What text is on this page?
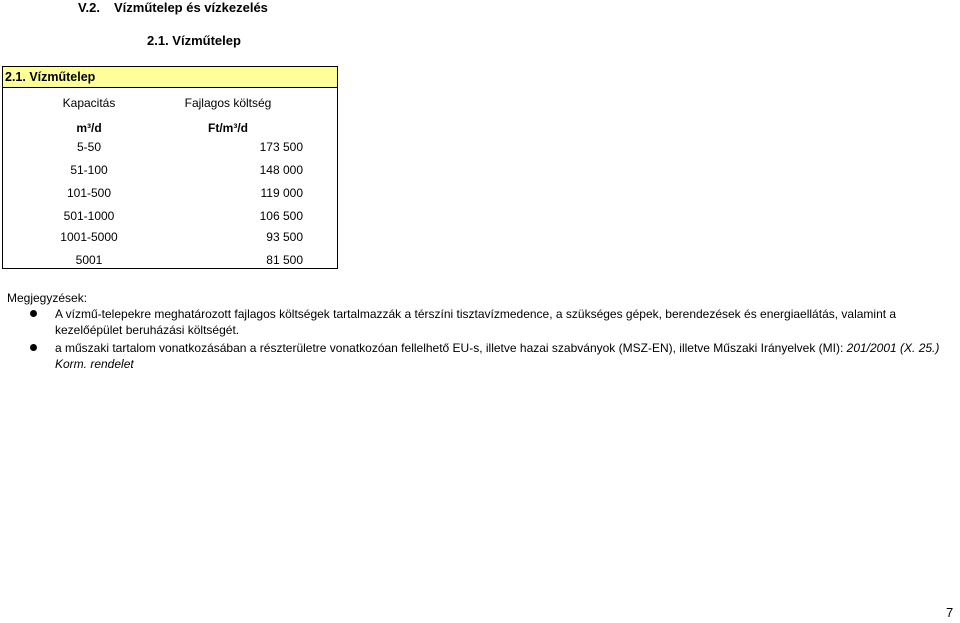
V.2. Vízműtelep és vízkezelés
2.1. Vízműtelep
2.1. Vízműtelep
Kapacitás	Fajlagos költség
m³/d	Ft/m³/d
5-50	173 500
51-100	148 000
101-500	119 000
501-1000	106 500
1001-5000	93 500
5001	81 500
Megjegyzések:
A vízmű-telepekre meghatározott fajlagos költségek tartalmazzák a térszíni tisztavízmedence, a szükséges gépek, berendezések és energiaellátás, valamint a kezelőépület beruházási költségét.
a műszaki tartalom vonatkozásában a részterületre vonatkozóan fellelhető EU-s, illetve hazai szabványok (MSZ-EN), illetve Műszaki Irányelvek (MI): 201/2001 (X. 25.) Korm. rendelet
7
